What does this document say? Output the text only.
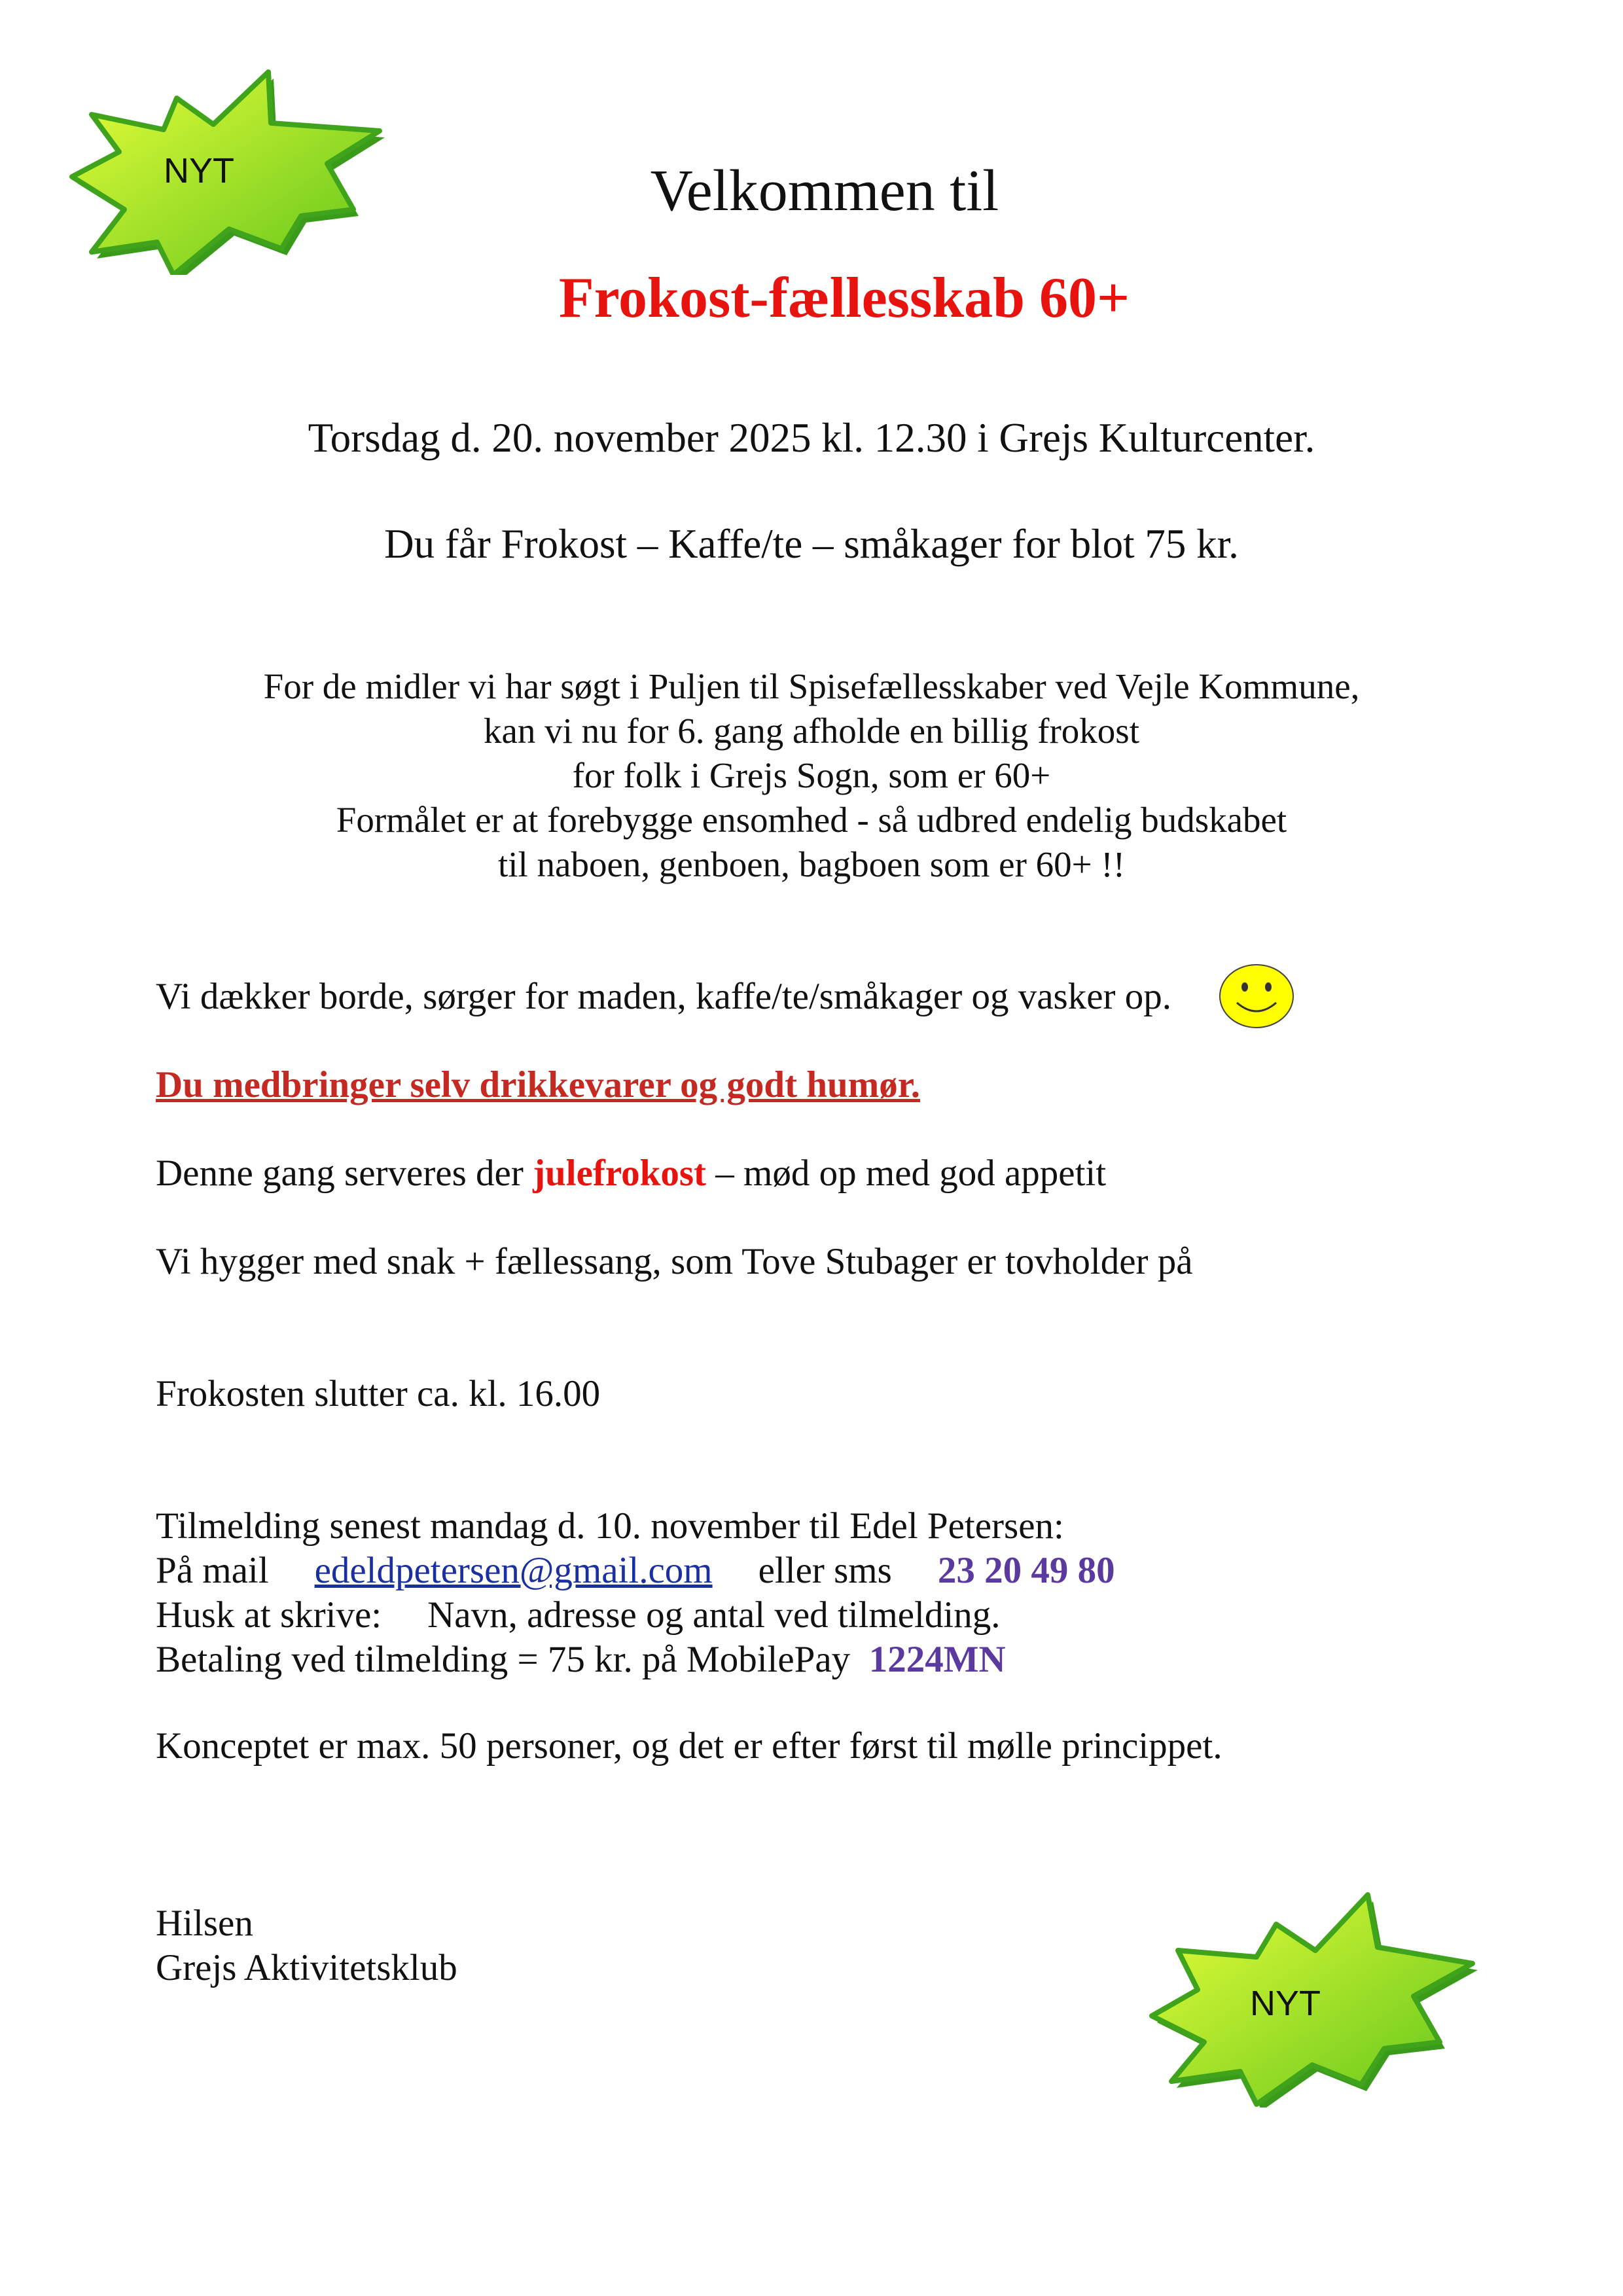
NYT
NYT
Velkommen til
Frokost-fællesskab 60+
Torsdag d. 20. november 2025 kl. 12.30 i Grejs Kulturcenter.
Du får Frokost – Kaffe/te – småkager for blot 75 kr.
For de midler vi har søgt i Puljen til Spisefællesskaber ved Vejle Kommune,
kan vi nu for 6. gang afholde en billig frokost
for folk i Grejs Sogn, som er 60+
Formålet er at forebygge ensomhed - så udbred endelig budskabet
til naboen, genboen, bagboen som er 60+ !!
Vi dækker borde, sørger for maden, kaffe/te/småkager og vasker op.
Du medbringer selv drikkevarer og godt humør.
Denne gang serveres der julefrokost – mød op med god appetit
Vi hygger med snak + fællessang, som Tove Stubager er tovholder på
Frokosten slutter ca. kl. 16.00
Tilmelding senest mandag d. 10. november til Edel Petersen:
På mail edeldpetersen@gmail.com eller sms 23 20 49 80
Husk at skrive: Navn, adresse og antal ved tilmelding.
Betaling ved tilmelding = 75 kr. på MobilePay 1224MN
Konceptet er max. 50 personer, og det er efter først til mølle princippet.
Hilsen
Grejs Aktivitetsklub
